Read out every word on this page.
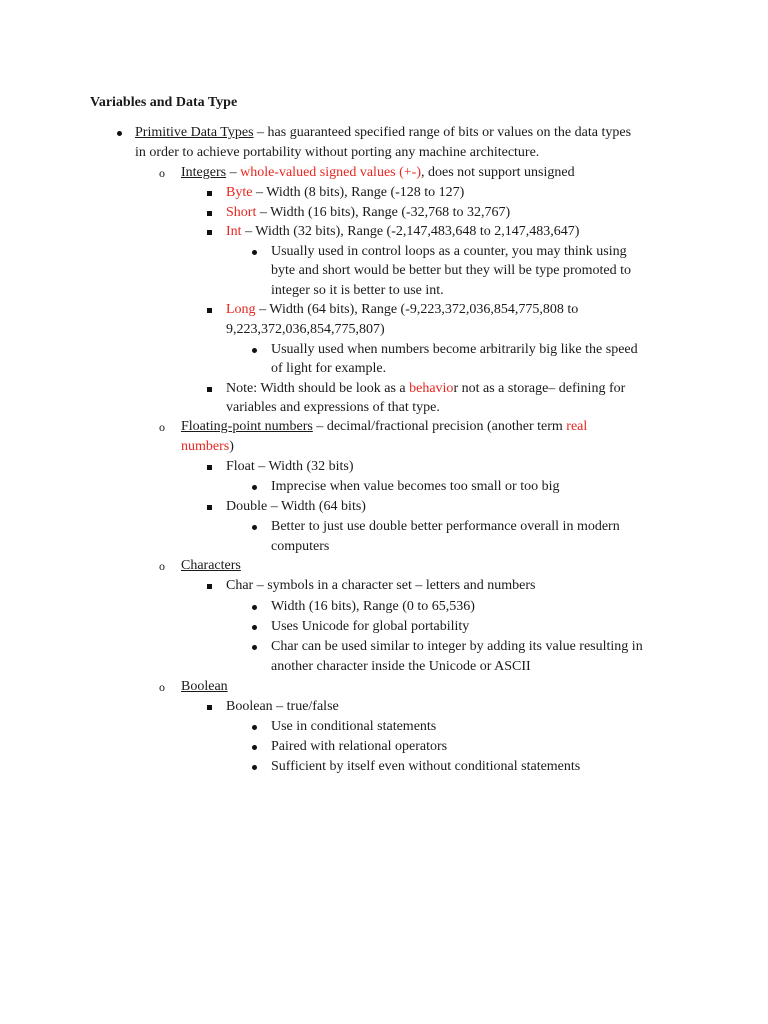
Variables and Data Type
Primitive Data Types – has guaranteed specified range of bits or values on the data types
in order to achieve portability without porting any machine architecture.
o
Integers – whole-valued signed values (+-), does not support unsigned
Byte – Width (8 bits), Range (-128 to 127)
Short – Width (16 bits), Range (-32,768 to 32,767)
Int – Width (32 bits), Range (-2,147,483,648 to 2,147,483,647)
Usually used in control loops as a counter, you may think using
byte and short would be better but they will be type promoted to
integer so it is better to use int.
Long – Width (64 bits), Range (-9,223,372,036,854,775,808 to
9,223,372,036,854,775,807)
Usually used when numbers become arbitrarily big like the speed
of light for example.
Note: Width should be look as a behavior not as a storage– defining for
variables and expressions of that type.
o
Floating-point numbers – decimal/fractional precision (another term real
numbers)
Float – Width (32 bits)
Imprecise when value becomes too small or too big
Double – Width (64 bits)
Better to just use double better performance overall in modern
computers
o
Characters
Char – symbols in a character set – letters and numbers
Width (16 bits), Range (0 to 65,536)
Uses Unicode for global portability
Char can be used similar to integer by adding its value resulting in
another character inside the Unicode or ASCII
o
Boolean
Boolean – true/false
Use in conditional statements
Paired with relational operators
Sufficient by itself even without conditional statements
